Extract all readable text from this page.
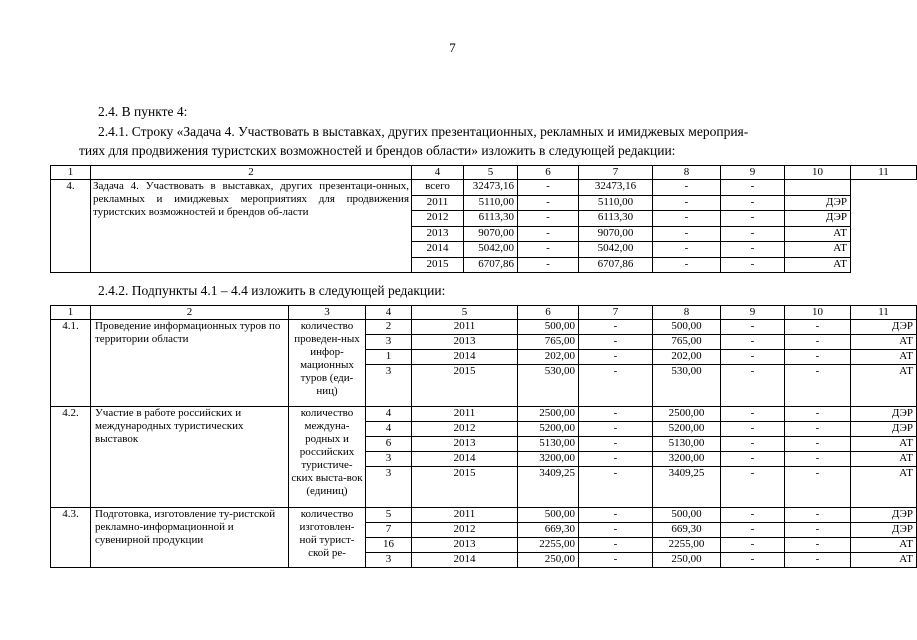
7
2.4. В пункте 4:
2.4.1. Строку «Задача 4. Участвовать в выставках, других презентационных, рекламных и имиджевых мероприя-
тиях для продвижения туристских возможностей и брендов области» изложить в следующей редакции:
1	2	4	5	6	7	8	9	10	11
4.	Задача 4. Участвовать в выставках, других презентаци-онных, рекламных и имиджевых мероприятиях для продвижения туристских возможностей и брендов об-ласти	всего	32473,16	-	32473,16	-	-		
		2011	5110,00	-	5110,00	-	-	ДЭР	
		2012	6113,30	-	6113,30	-	-	ДЭР	
		2013	9070,00	-	9070,00	-	-	АТ	
		2014	5042,00	-	5042,00	-	-	АТ	
		2015	6707,86	-	6707,86	-	-	АТ	
2.4.2. Подпункты 4.1 – 4.4 изложить в следующей редакции:
1	2	3	4	5	6	7	8	9	10	11
4.1.	Проведение информационных туров по территории области	количество проведен-ных инфор-мационных туров (еди-ниц)	2	2011	500,00	-	500,00	-	-	ДЭР
			3	2013	765,00	-	765,00	-	-	АТ
			1	2014	202,00	-	202,00	-	-	АТ
			3	2015	530,00	-	530,00	-	-	АТ

4.2.	Участие в работе российских и международных туристических выставок	количество междуна-родных и российских туристиче-ских выста-вок (единиц)	4	2011	2500,00	-	2500,00	-	-	ДЭР
			4	2012	5200,00	-	5200,00	-	-	ДЭР
			6	2013	5130,00	-	5130,00	-	-	АТ
			3	2014	3200,00	-	3200,00	-	-	АТ
			3	2015	3409,25	-	3409,25	-	-	АТ

4.3.	Подготовка, изготовление ту-ристской рекламно-информационной и сувенирной продукции	количество изготовлен-ной турист-ской ре-	5	2011	500,00	-	500,00	-	-	ДЭР
			7	2012	669,30	-	669,30	-	-	ДЭР
			16	2013	2255,00	-	2255,00	-	-	АТ
			3	2014	250,00	-	250,00	-	-	АТ
